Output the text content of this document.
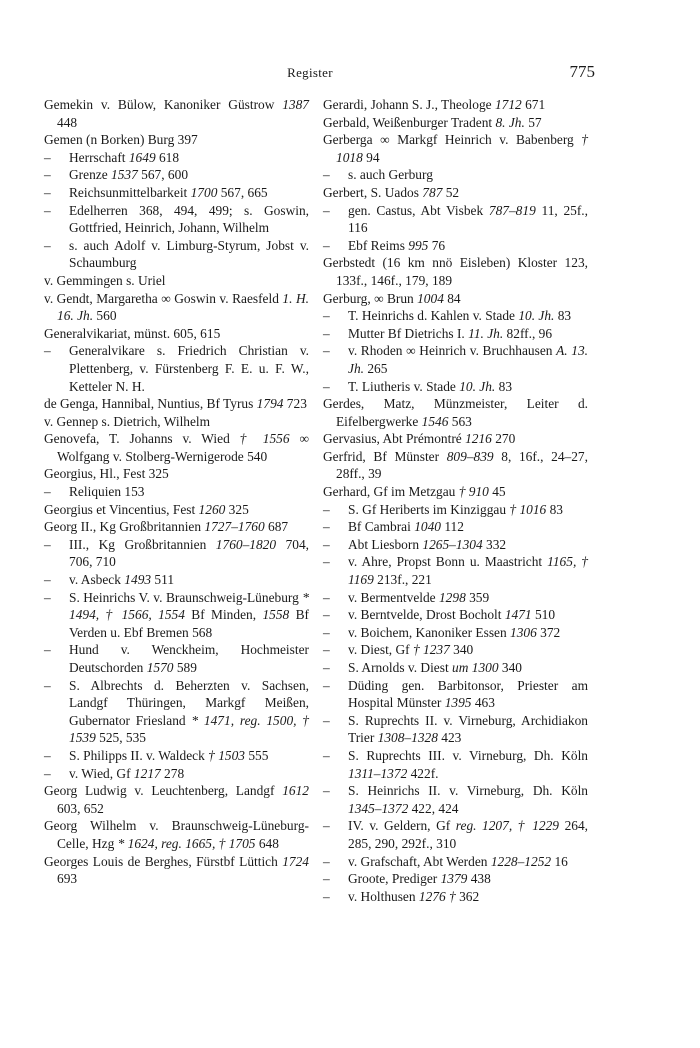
Register	775
Gemekin v. Bülow, Kanoniker Güstrow 1387 448
Gemen (n Borken) Burg 397
– Herrschaft 1649 618
– Grenze 1537 567, 600
– Reichsunmittelbarkeit 1700 567, 665
– Edelherren 368, 494, 499; s. Goswin, Gottfried, Heinrich, Johann, Wilhelm
– s. auch Adolf v. Limburg-Styrum, Jobst v. Schaumburg
v. Gemmingen s. Uriel
v. Gendt, Margaretha ∞ Goswin v. Raesfeld 1. H. 16. Jh. 560
Generalvikariat, münst. 605, 615
– Generalvikare s. Friedrich Christian v. Plettenberg, v. Fürstenberg F. E. u. F. W., Ketteler N. H.
de Genga, Hannibal, Nuntius, Bf Tyrus 1794 723
v. Gennep s. Dietrich, Wilhelm
Genovefa, T. Johanns v. Wied † 1556 ∞ Wolfgang v. Stolberg-Wernigerode 540
Georgius, Hl., Fest 325
– Reliquien 153
Georgius et Vincentius, Fest 1260 325
Georg II., Kg Großbritannien 1727–1760 687
– III., Kg Großbritannien 1760–1820 704, 706, 710
– v. Asbeck 1493 511
– S. Heinrichs V. v. Braunschweig-Lüneburg * 1494, † 1566, 1554 Bf Minden, 1558 Bf Verden u. Ebf Bremen 568
– Hund v. Wenckheim, Hochmeister Deutschorden 1570 589
– S. Albrechts d. Beherzten v. Sachsen, Landgf Thüringen, Markgf Meißen, Gubernator Friesland * 1471, reg. 1500, † 1539 525, 535
– S. Philipps II. v. Waldeck † 1503 555
– v. Wied, Gf 1217 278
Georg Ludwig v. Leuchtenberg, Landgf 1612 603, 652
Georg Wilhelm v. Braunschweig-Lüneburg-Celle, Hzg * 1624, reg. 1665, † 1705 648
Georges Louis de Berghes, Fürstbf Lüttich 1724 693
Gerardi, Johann S. J., Theologe 1712 671
Gerbald, Weißenburger Tradent 8. Jh. 57
Gerberga ∞ Markgf Heinrich v. Babenberg † 1018 94
– s. auch Gerburg
Gerbert, S. Uados 787 52
– gen. Castus, Abt Visbek 787–819 11, 25f., 116
– Ebf Reims 995 76
Gerbstedt (16 km nnö Eisleben) Kloster 123, 133f., 146f., 179, 189
Gerburg, ∞ Brun 1004 84
– T. Heinrichs d. Kahlen v. Stade 10. Jh. 83
– Mutter Bf Dietrichs I. 11. Jh. 82ff., 96
– v. Rhoden ∞ Heinrich v. Bruchhausen A. 13. Jh. 265
– T. Liutheris v. Stade 10. Jh. 83
Gerdes, Matz, Münzmeister, Leiter d. Eifelbergwerke 1546 563
Gervasius, Abt Prémontré 1216 270
Gerfrid, Bf Münster 809–839 8, 16f., 24–27, 28ff., 39
Gerhard, Gf im Metzgau † 910 45
– S. Gf Heriberts im Kinziggau † 1016 83
– Bf Cambrai 1040 112
– Abt Liesborn 1265–1304 332
– v. Ahre, Propst Bonn u. Maastricht 1165, † 1169 213f., 221
– v. Bermentvelde 1298 359
– v. Berntvelde, Drost Bocholt 1471 510
– v. Boichem, Kanoniker Essen 1306 372
– v. Diest, Gf † 1237 340
– S. Arnolds v. Diest um 1300 340
– Düding gen. Barbitonsor, Priester am Hospital Münster 1395 463
– S. Ruprechts II. v. Virneburg, Archidiakon Trier 1308–1328 423
– S. Ruprechts III. v. Virneburg, Dh. Köln 1311–1372 422f.
– S. Heinrichs II. v. Virneburg, Dh. Köln 1345–1372 422, 424
– IV. v. Geldern, Gf reg. 1207, † 1229 264, 285, 290, 292f., 310
– v. Grafschaft, Abt Werden 1228–1252 16
– Groote, Prediger 1379 438
– v. Holthusen 1276 † 362
